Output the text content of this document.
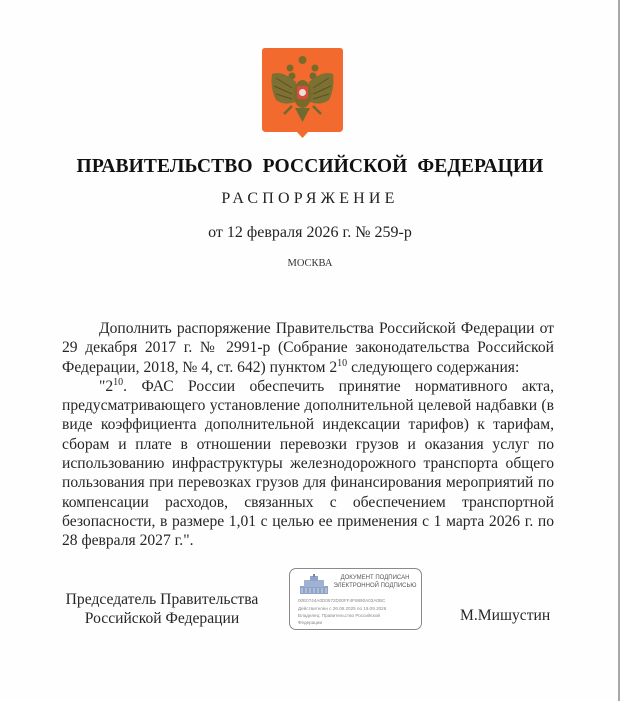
ПРАВИТЕЛЬСТВО РОССИЙСКОЙ ФЕДЕРАЦИИ
РАСПОРЯЖЕНИЕ
от 12 февраля 2026 г. № 259-р
МОСКВА

Дополнить распоряжение Правительства Российской Федерации от 29 декабря 2017 г. № 2991-р (Собрание законодательства Российской Федерации, 2018, № 4, ст. 642) пунктом $2^{10}$ следующего содержания:

"$2^{10}$. ФАС России обеспечить принятие нормативного акта, предусматривающего установление дополнительной целевой надбавки (в виде коэффициента дополнительной индексации тарифов) к тарифам, сборам и плате в отношении перевозки грузов и оказания услуг по использованию инфраструктуры железнодорожного транспорта общего пользования при перевозках грузов для финансирования мероприятий по компенсации расходов, связанных с обеспечением транспортной безопасности, в размере 1,01 с целью ее применения с 1 марта 2026 г. по 28 февраля 2027 г.".

Председатель Правительства
Российской Федерации
ДОКУМЕНТ ПОДПИСАН
ЭЛЕКТРОННОЙ ПОДПИСЬЮ
00E0744A0D0572D00FF4F8890A03A0BC
Действителен с 26.06.2025 по 19.09.2026
Владелец: Правительство Российской
Федерации	М.Мишустин
